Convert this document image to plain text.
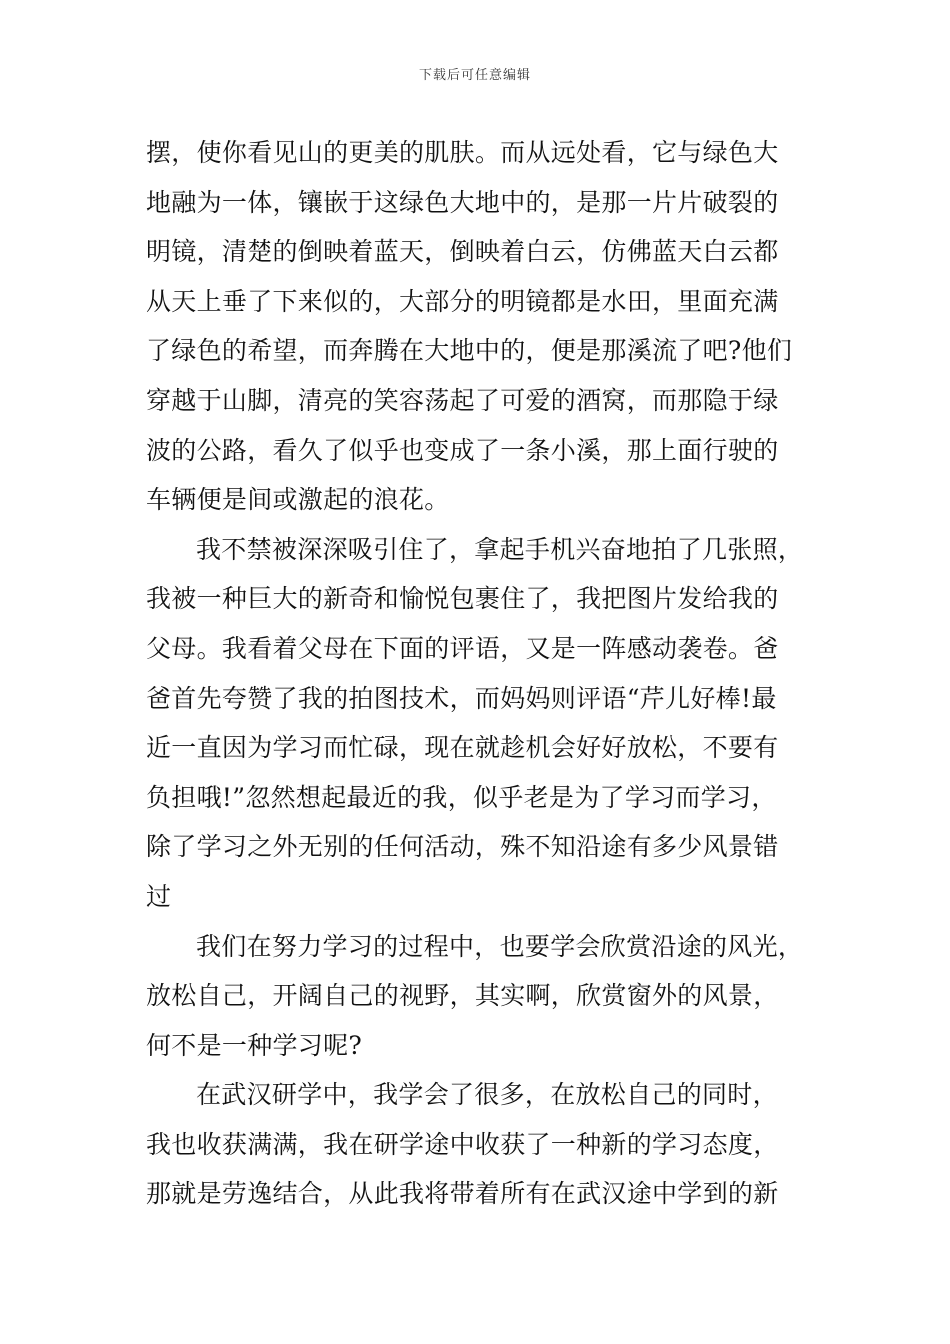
下载后可任意编辑
摆，使你看见山的更美的肌肤。而从远处看，它与绿色大
地融为一体，镶嵌于这绿色大地中的，是那一片片破裂的
明镜，清楚的倒映着蓝天，倒映着白云，仿佛蓝天白云都
从天上垂了下来似的，大部分的明镜都是水田，里面充满
了绿色的希望，而奔腾在大地中的，便是那溪流了吧?他们
穿越于山脚，清亮的笑容荡起了可爱的酒窝，而那隐于绿
波的公路，看久了似乎也变成了一条小溪，那上面行驶的
车辆便是间或激起的浪花。
我不禁被深深吸引住了，拿起手机兴奋地拍了几张照，
我被一种巨大的新奇和愉悦包裹住了，我把图片发给我的
父母。我看着父母在下面的评语，又是一阵感动袭卷。爸
爸首先夸赞了我的拍图技术，而妈妈则评语“芹儿好棒!最
近一直因为学习而忙碌，现在就趁机会好好放松，不要有
负担哦!”忽然想起最近的我，似乎老是为了学习而学习，
除了学习之外无别的任何活动，殊不知沿途有多少风景错
过
我们在努力学习的过程中，也要学会欣赏沿途的风光，
放松自己，开阔自己的视野，其实啊，欣赏窗外的风景，
何不是一种学习呢?
在武汉研学中，我学会了很多，在放松自己的同时，
我也收获满满，我在研学途中收获了一种新的学习态度，
那就是劳逸结合，从此我将带着所有在武汉途中学到的新
